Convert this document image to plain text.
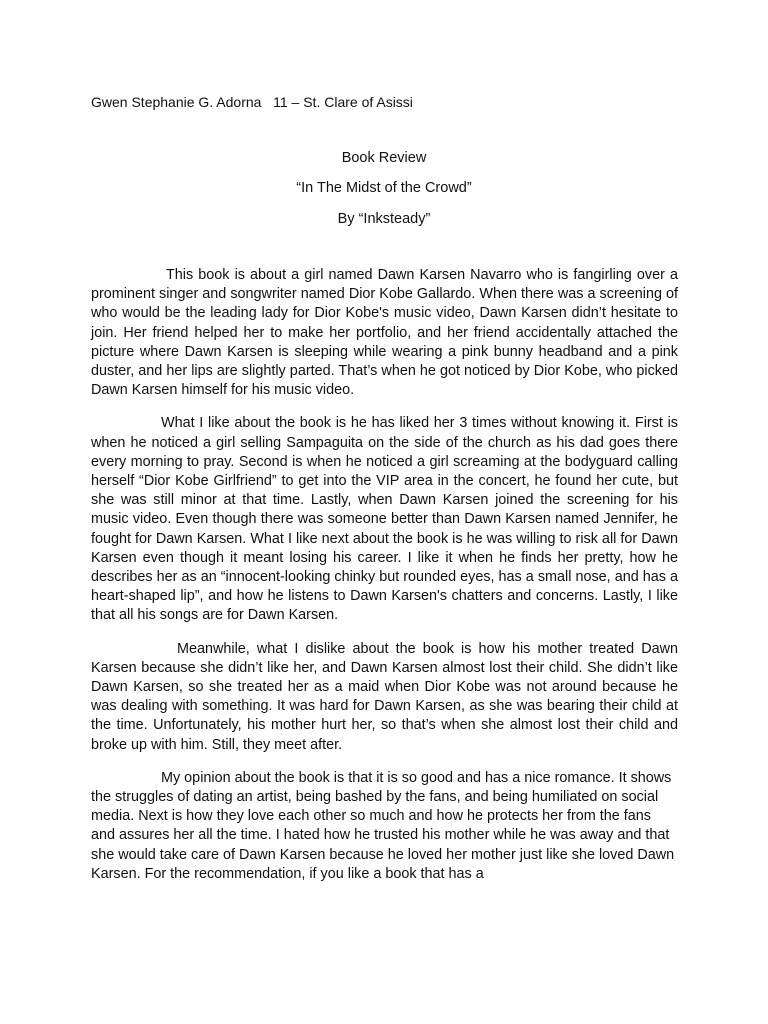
Gwen Stephanie G. Adorna   11 – St. Clare of Asissi
Book Review
“In The Midst of the Crowd”
By “Inksteady”

This book is about a girl named Dawn Karsen Navarro who is fangirling over a prominent singer and songwriter named Dior Kobe Gallardo. When there was a screening of who would be the leading lady for Dior Kobe's music video, Dawn Karsen didn’t hesitate to join. Her friend helped her to make her portfolio, and her friend accidentally attached the picture where Dawn Karsen is sleeping while wearing a pink bunny headband and a pink duster, and her lips are slightly parted. That’s when he got noticed by Dior Kobe, who picked Dawn Karsen himself for his music video.

What I like about the book is he has liked her 3 times without knowing it. First is when he noticed a girl selling Sampaguita on the side of the church as his dad goes there every morning to pray. Second is when he noticed a girl screaming at the bodyguard calling herself “Dior Kobe Girlfriend” to get into the VIP area in the concert, he found her cute, but she was still minor at that time. Lastly, when Dawn Karsen joined the screening for his music video. Even though there was someone better than Dawn Karsen named Jennifer, he fought for Dawn Karsen. What I like next about the book is he was willing to risk all for Dawn Karsen even though it meant losing his career. I like it when he finds her pretty, how he describes her as an “innocent-looking chinky but rounded eyes, has a small nose, and has a heart-shaped lip”, and how he listens to Dawn Karsen's chatters and concerns. Lastly, I like that all his songs are for Dawn Karsen.

Meanwhile, what I dislike about the book is how his mother treated Dawn Karsen because she didn’t like her, and Dawn Karsen almost lost their child. She didn’t like Dawn Karsen, so she treated her as a maid when Dior Kobe was not around because he was dealing with something. It was hard for Dawn Karsen, as she was bearing their child at the time. Unfortunately, his mother hurt her, so that’s when she almost lost their child and broke up with him. Still, they meet after.

My opinion about the book is that it is so good and has a nice romance. It shows the struggles of dating an artist, being bashed by the fans, and being humiliated on social media. Next is how they love each other so much and how he protects her from the fans and assures her all the time. I hated how he trusted his mother while he was away and that she would take care of Dawn Karsen because he loved her mother just like she loved Dawn Karsen. For the recommendation, if you like a book that has a
